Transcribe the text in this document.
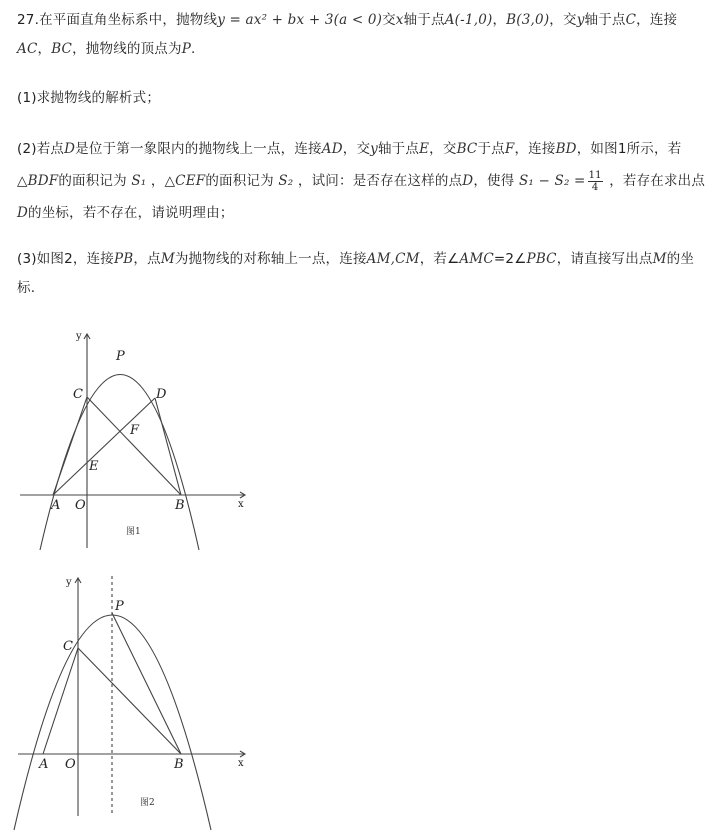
27.在平面直角坐标系中，抛物线y = ax² + bx + 3(a < 0)交x轴于点A(-1,0)，B(3,0)，交y轴于点C，连接AC，BC，抛物线的顶点为P.
(1)求抛物线的解析式；
(2)若点D是位于第一象限内的抛物线上一点，连接AD，交y轴于点E，交BC于点F，连接BD，如图1所示，若△BDF的面积记为 S₁ ，△CEF的面积记为 S₂ ，试问：是否存在这样的点D，使得 $S_1 - S_2 = \frac{11}{4}$ ，若存在求出点D的坐标，若不存在，请说明理由；
(3)如图2，连接PB，点M为抛物线的对称轴上一点，连接AM,CM，若∠AMC=2∠PBC，请直接写出点M的坐标.
y
x
P
C	D
F
E
A O	B
图1
y
x
P
C
A O	B
图2
